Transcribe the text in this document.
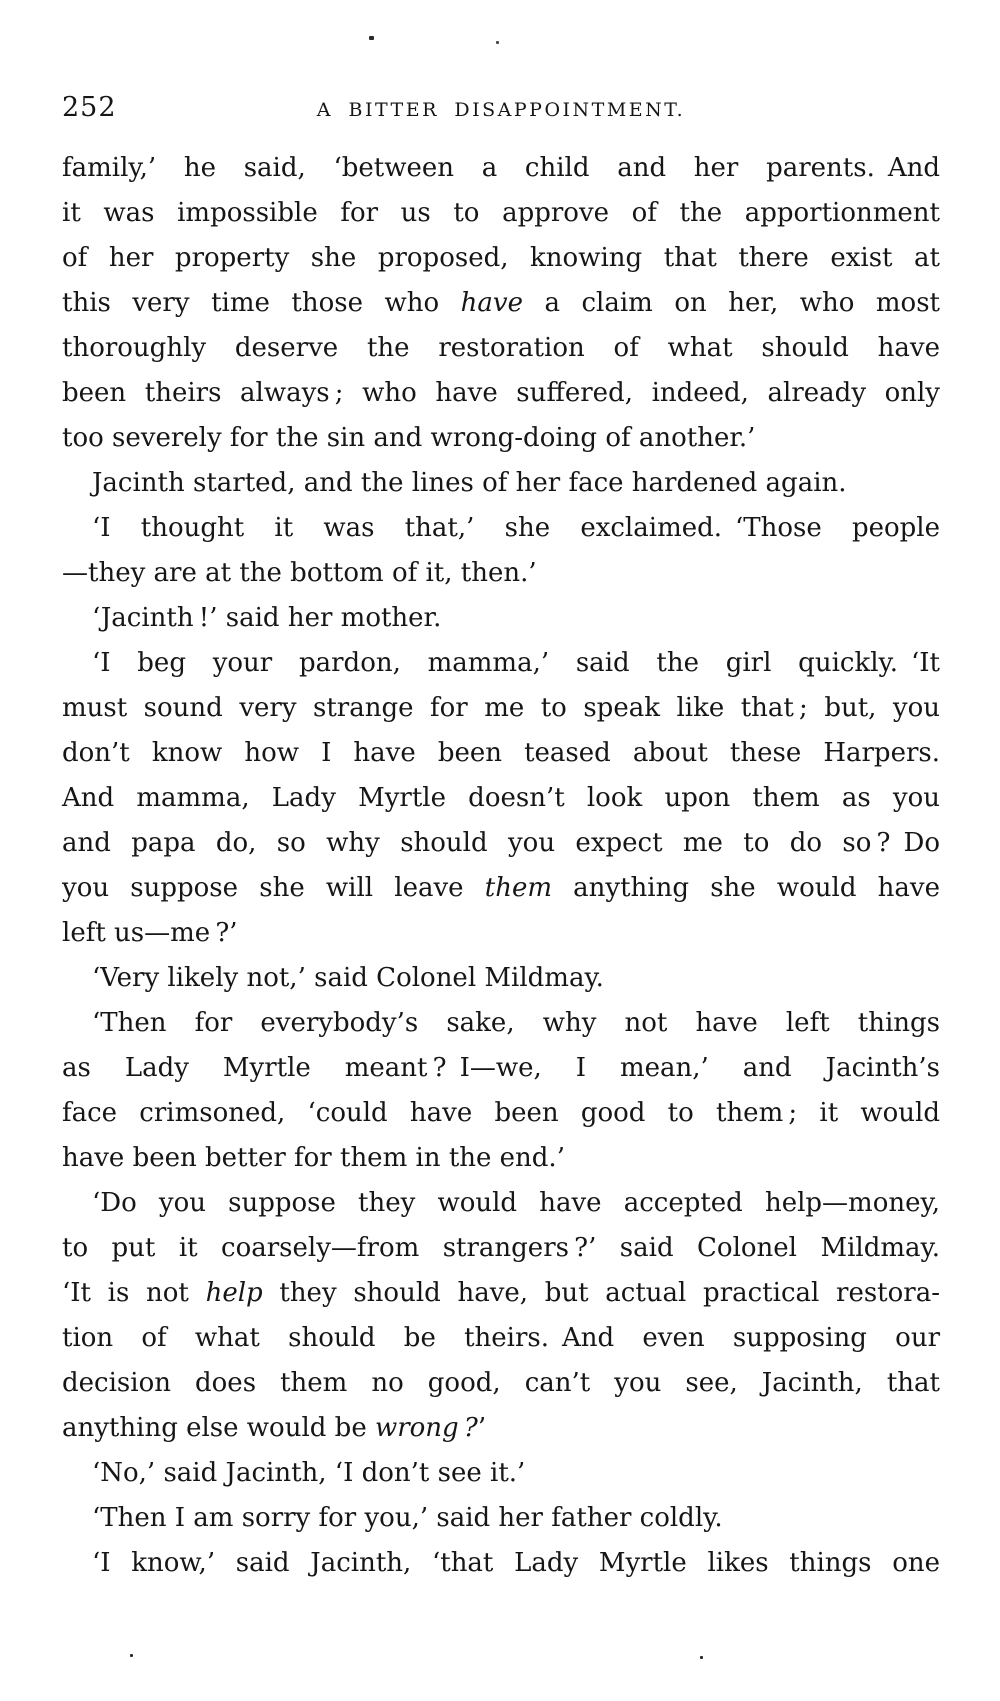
252	A BITTER DISAPPOINTMENT.
family,’ he said, ‘between a child and her parents. And
it was impossible for us to approve of the apportionment
of her property she proposed, knowing that there exist at
this very time those who have a claim on her, who most
thoroughly deserve the restoration of what should have
been theirs always ; who have suffered, indeed, already only
too severely for the sin and wrong-doing of another.’
Jacinth started, and the lines of her face hardened again.
‘I thought it was that,’ she exclaimed. ‘Those people
—they are at the bottom of it, then.’
‘Jacinth !’ said her mother.
‘I beg your pardon, mamma,’ said the girl quickly. ‘It
must sound very strange for me to speak like that ; but, you
don’t know how I have been teased about these Harpers.
And mamma, Lady Myrtle doesn’t look upon them as you
and papa do, so why should you expect me to do so ? Do
you suppose she will leave them anything she would have
left us—me ?’
‘Very likely not,’ said Colonel Mildmay.
‘Then for everybody’s sake, why not have left things
as Lady Myrtle meant ? I—we, I mean,’ and Jacinth’s
face crimsoned, ‘could have been good to them ; it would
have been better for them in the end.’
‘Do you suppose they would have accepted help—money,
to put it coarsely—from strangers ?’ said Colonel Mildmay.
‘It is not help they should have, but actual practical restora-
tion of what should be theirs. And even supposing our
decision does them no good, can’t you see, Jacinth, that
anything else would be wrong ?’
‘No,’ said Jacinth, ‘I don’t see it.’
‘Then I am sorry for you,’ said her father coldly.
‘I know,’ said Jacinth, ‘that Lady Myrtle likes things one
